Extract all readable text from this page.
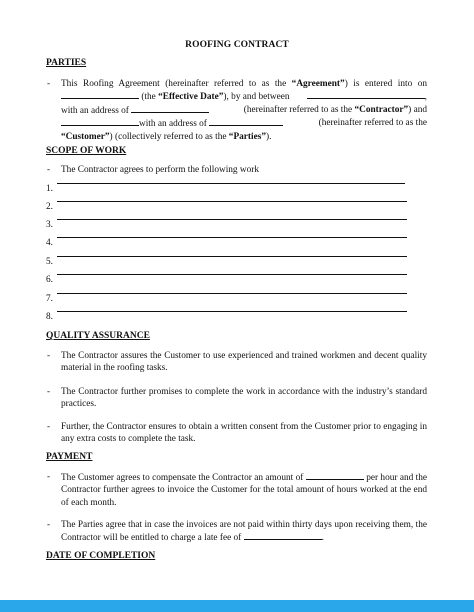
ROOFING CONTRACT
PARTIES
- This Roofing Agreement (hereinafter referred to as the “Agreement”) is entered into on
(the “Effective Date”), by and between	,
with an address of	(hereinafter referred to as the “Contractor”) and
with an address of	(hereinafter referred to as the
“Customer”) (collectively referred to as the “Parties”).
SCOPE OF WORK
- The Contractor agrees to perform the following work
1.
2.
3.
4.
5.
6.
7.
8.
QUALITY ASSURANCE
- The Contractor assures the Customer to use experienced and trained workmen and decent quality material in the roofing tasks.
- The Contractor further promises to complete the work in accordance with the industry’s standard practices.
- Further, the Contractor ensures to obtain a written consent from the Customer prior to engaging in any extra costs to complete the task.
PAYMENT
- The Customer agrees to compensate the Contractor an amount of	per hour and the Contractor further agrees to invoice the Customer for the total amount of hours worked at the end of each month.
- The Parties agree that in case the invoices are not paid within thirty days upon receiving them, the Contractor will be entitled to charge a late fee of	.
DATE OF COMPLETION
